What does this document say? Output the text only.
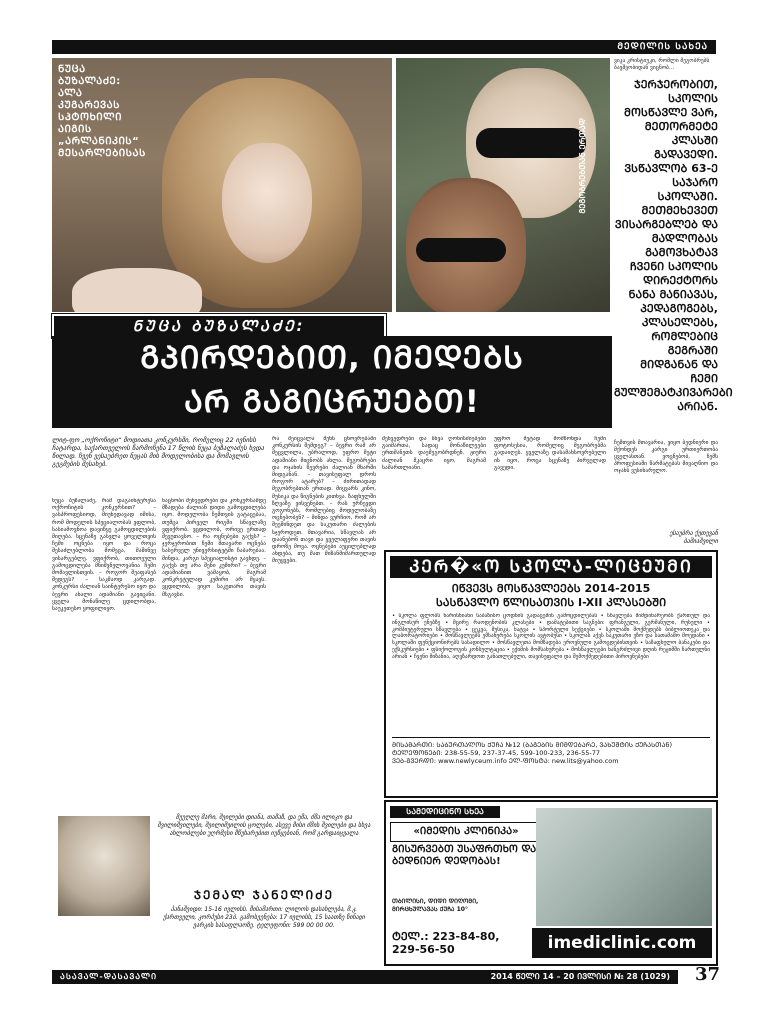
ᲛᲔᲓᲘᲚᲘᲡ ᲡᲐᲮᲔᲐ
ᲜᲣᲪᲐ ᲑᲣᲖᲐᲚᲐᲫᲔ: ᲐᲚᲐ ᲙᲣᲒᲐᲠᲔᲕᲐᲡ ᲡᲞᲢᲝᲮᲘᲚᲘ ᲐᲘᲒᲘᲡ „ᲐᲠᲚᲐᲜᲘᲙᲘᲡ“ ᲛᲔᲡᲐᲠᲚᲔᲑᲘᲡᲐᲡ	ᲛᲔᲒᲝᲑᲠᲔᲑᲗᲐᲜ ᲔᲠᲗᲐᲓ
ვიკა კრისტიუკი, რომლი მეგობრებს ბავშვობიდან ვიცნობ...
ᲯᲔᲠᲯᲔᲠᲝᲑᲘᲗ, ᲡᲙᲝᲚᲘᲡ ᲛᲝᲡᲬᲐᲕᲚᲔ ᲕᲐᲠ, ᲛᲔᲗᲝᲠᲛᲔᲢᲔ ᲙᲚᲐᲡᲨᲘ ᲒᲐᲓᲐᲕᲔᲓᲘ. ᲕᲡᲬᲐᲕᲚᲝᲑ 63-Ე ᲡᲐᲯᲐᲠᲝ ᲡᲙᲝᲚᲐᲨᲘ. ᲛᲔᲗᲛᲔᲮᲔᲕᲔᲗ ᲕᲘᲡᲐᲠᲒᲔᲑᲚᲔᲑ ᲓᲐ ᲛᲐᲓᲚᲝᲑᲐᲡ ᲒᲐᲛᲝᲕᲮᲐᲢᲐᲕ ᲩᲕᲔᲜᲘ ᲡᲙᲝᲚᲘᲡ ᲓᲘᲠᲔᲥᲢᲝᲠᲡ ᲜᲐᲜᲐ ᲛᲐᲜᲘᲐᲕᲐᲡ, ᲞᲔᲓᲐᲒᲝᲒᲔᲑᲡ, ᲙᲚᲐᲡᲔᲚᲔᲑᲡ, ᲠᲝᲛᲚᲔᲑᲘᲪ ᲒᲔᲒᲠᲐᲨᲘ ᲛᲘᲓᲒᲐᲜᲐᲜ ᲓᲐ ᲩᲔᲛᲘ ᲒᲣᲚᲨᲔᲛᲐᲢᲙᲘᲕᲐᲠᲔᲑᲘ ᲐᲠᲘᲐᲜ.
ჩემთვის მთავარია, ვიყო ბედნიერი და მქონდეს კარგი ურთიერთობა ყველასთან. ვოცნებობ, ჩემს პროფესიაში წარმატებას მივაღწიო და ოჯახს ვუსიხარულო.
ესაუბრა ქეთევან ბაშიაშვილი
ᲜᲣᲪᲐ ᲑᲣᲖᲐᲚᲐᲫᲔ:
ᲒᲞᲘᲠᲓᲔᲑᲘᲗ, ᲘᲛᲔᲓᲔᲑᲡ
ᲐᲠ ᲒᲐᲒᲘᲪᲠᲣᲔᲑᲗ!
ლიტ-ფო „ოქროჩიტი“ მოდიათა კონკურსში, რომელიც 22 ივნისს ჩატარდა, საქართველოს წარმოჩენა 17 წლის ნუცა ბუზალაძეს ხვდა წილად. ჩვენ ვესაუბრეთ ნუცას მის მოდელობისა და მომავლის გეგმების შესახებ.
ნუცა ბუზალაძე, რამ დაგაინტერესა ოქროჩიტის კონკურსით? – ვასპროფესიოდ, მიუხედავად იმისა, რომ მოდელის სპეციალობას ვფლობ, სასიამოვნოა დავიწყე გამოცდილების მიღება. სცენაზე გასვლა ყოველთვის ჩემი ოცნება იყო და როცა შესაძლებლობა მომეცა, მაშინვე ვისარგებლე. ვფიქრობ, თითოეული გამოცდილება მნიშვნელოვანია ჩემი მომავლისთვის. – როგორ შეაფასებ შედეგს? – საკმაოდ კარგად. კონკურსი ძალიან საინტერესო იყო და ბევრი ახალი ადამიანი გავიცანი. ყველა მონაწილე ცდილობდა, საუკეთესო ყოფილიყო.
ნაცნობი შეხვედრები და კონკურსამდე მზადება ძალიან დიდი გამოცდილება იყო. მოდელობა ჩემთვის გატაცებაა, თუმცა პირველ რიგში სწავლაზე ვფიქრობ. ვცდილობ, ორივე ერთად შევუთავსო. – რა ოცნებები გაქვს? – ჯერჯერობით ჩემი მთავარი ოცნება სასურველ უნივერსიტეტში ჩაბარებაა. მინდა, კარგი სპეციალისტი გავხდე. – გაქვს თუ არა შენი კუმირი? – ბევრი ადამიანით ვამაყობ, მაგრამ კონკრეტულად კუმირი არ მყავს. ვცდილობ, ვიყო საკუთარი თავის მსგავსი.
რა შეიცვალა შენს ცხოვრებაში კონკურსის შემდეგ? – ბევრი რამ არ შეცვლილა, უბრალოდ, უფრო მეტი ადამიანი მიცნობს ახლა. მეგობრები და ოჯახის წევრები ძალიან მხარში მიდგანან. – თავისუფალ დროს როგორ ატარებ? – ძირითადად მეგობრებთან ერთად. მიყვარს კინო, მუსიკა და წიგნების კითხვა. ზაფხულში ზღვაზე ვისვენებთ. – რას ურჩევდი გოგონებს, რომლებიც მოდელობაზე ოცნებობენ? – მინდა ვურჩიო, რომ არ შეეშინდეთ და საკუთარი ძალების სჯეროდეთ. მთავარია, სწავლას არ დაანებონ თავი და ყველაფერი თავის დროზე მოვა. ოცნებები აუცილებლად ახდება, თუ მათ მიზანმიმართულად მიუყვები.
შეხვედრები და სხვა ღონისძიებები გაიმართა, სადაც მონაწილეები ერთმანეთს დაუმეგობრდნენ. ჟიური ძალიან მკაცრი იყო, მაგრამ სამართლიანი.
უფრო მეტად მომწონდა ჩემი ფოტოსესია, რომელიც მეგობრებმა გადაიღეს. ყველაზე დასამახსოვრებელი ის იყო, როცა სცენაზე პირველად გავედი.
ᲙᲔᲠ�«Ო ᲡᲙᲝᲚᲐ-ᲚᲘᲪᲔᲣᲛᲘ
ᲘᲬᲕᲔᲕᲡ ᲛᲝᲡᲬᲐᲕᲚᲔᲔᲑᲡ 2014-2015
ᲡᲐᲡᲬᲐᲕᲚᲝ ᲬᲚᲘᲡᲐᲗᲕᲘᲡ I-XII ᲙᲚᲐᲡᲔᲑᲨᲘ
• სკოლა ფლობს ხარისხიანი საბაზისო ცოდნის გადაცემის გამოცდილებას • სწავლება მიმდინარეობს ქართულ და ინგლისურ ენებზე • მცირე რაოდენობის კლასები • დამატებითი საგნები: ფრანგული, გერმანული, რუსული • კომპიუტერული სწავლება • ცეკვა, მუსიკა, ხატვა • სპორტული სექციები • სკოლაში მოქმედებს ბიბლიოთეკა და ლაბორატორიები • მოსწავლეებს ემსახურება სკოლის ავტობუსი • სკოლას აქვს საკუთარი ეზო და სათამაშო მოედანი • სკოლაში ფუნქციონირებს სასადილო • მოსწავლეთა მომზადება ეროვნული გამოცდებისთვის • საზაფხულო ბანაკები და ექსკურსიები • ფსიქოლოგის კონსულტაცია • ექიმის მომსახურება • მოსწავლეები ხანგრძლივი დღის რეჟიმში ჩართულნი არიან • ჩვენი მიზანია, აღვზარდოთ განათლებული, თავისუფალი და შემოქმედებითი პიროვნებები
ᲛᲘᲡᲐᲛᲐᲠᲗᲘ: ᲡᲐᲑᲣᲠᲗᲐᲚᲝᲡ ᲥᲣᲩᲐ №12 (ᲑᲐᲒᲔᲑᲘᲡ ᲛᲘᲛᲓᲔᲑᲐᲠᲔ, ᲕᲐᲮᲣᲨᲢᲘᲡ ᲥᲣᲩᲐᲡᲗᲐᲜ)
ᲢᲔᲚᲔᲤᲝᲜᲔᲑᲘ: 238-55-59, 237-37-45, 599-100-233, 236-55-77
ᲕᲔᲑ-ᲒᲕᲔᲠᲓᲘ: www.newlyceum.info ᲔᲚ-ᲤᲝᲡᲢᲐ: new.lits@yahoo.com
მეუღლე მარი, შვილები დიანა, თამაზ, და ემა, ძმა ილიკო და შვილიშვილები, შვილიშვილის ცოლები, ასევე მისი ძმის შვილები და სხვა ახლობლები უღრმესი მწუხარებით იუწყებიან, რომ გარდაიცვალა
ᲯᲔᲛᲐᲚ ᲯᲐᲜᲔᲚᲘᲫᲔ
პანაშვიდი: 15-16 ივლისს. მისამართი: ლილოს დასახლება, მ.კ. ქართველი, კორპუსი 23ბ. გამოსვენება: 17 ივლისს, 15 საათზე წინაჲი ვარკის სასაფლაოზე. ტელეფონი: 599 00 00 00.
ᲡᲐᲛᲔᲓᲘᲪᲘᲜᲝ ᲡᲮᲔᲐ
«ᲘᲛᲔᲓᲘᲡ ᲙᲚᲘᲜᲘᲙᲐ»
ᲒᲘᲡᲣᲠᲕᲔᲑᲗ ᲣᲡᲐᲤᲠᲗᲮᲝ ᲓᲐ ᲑᲔᲓᲜᲘᲔᲠ ᲓᲔᲓᲝᲑᲐᲡ!
ᲗᲑᲘᲚᲘᲡᲘ, ᲓᲘᲓᲘ ᲓᲘᲦᲝᲛᲘ, ᲛᲘᲠᲪᲮᲣᲚᲐᲕᲐᲡ ᲥᲣᲩᲐ 10°
ᲢᲔᲚ.: 223-84-80,
229-56-50	imediclinic.com
ᲐᲡᲐᲕᲐᲚ-ᲓᲐᲡᲐᲕᲐᲚᲘ	2014 ᲬᲔᲚᲘ 14 – 20 ᲘᲕᲚᲘᲡᲘ № 28 (1029)	37
